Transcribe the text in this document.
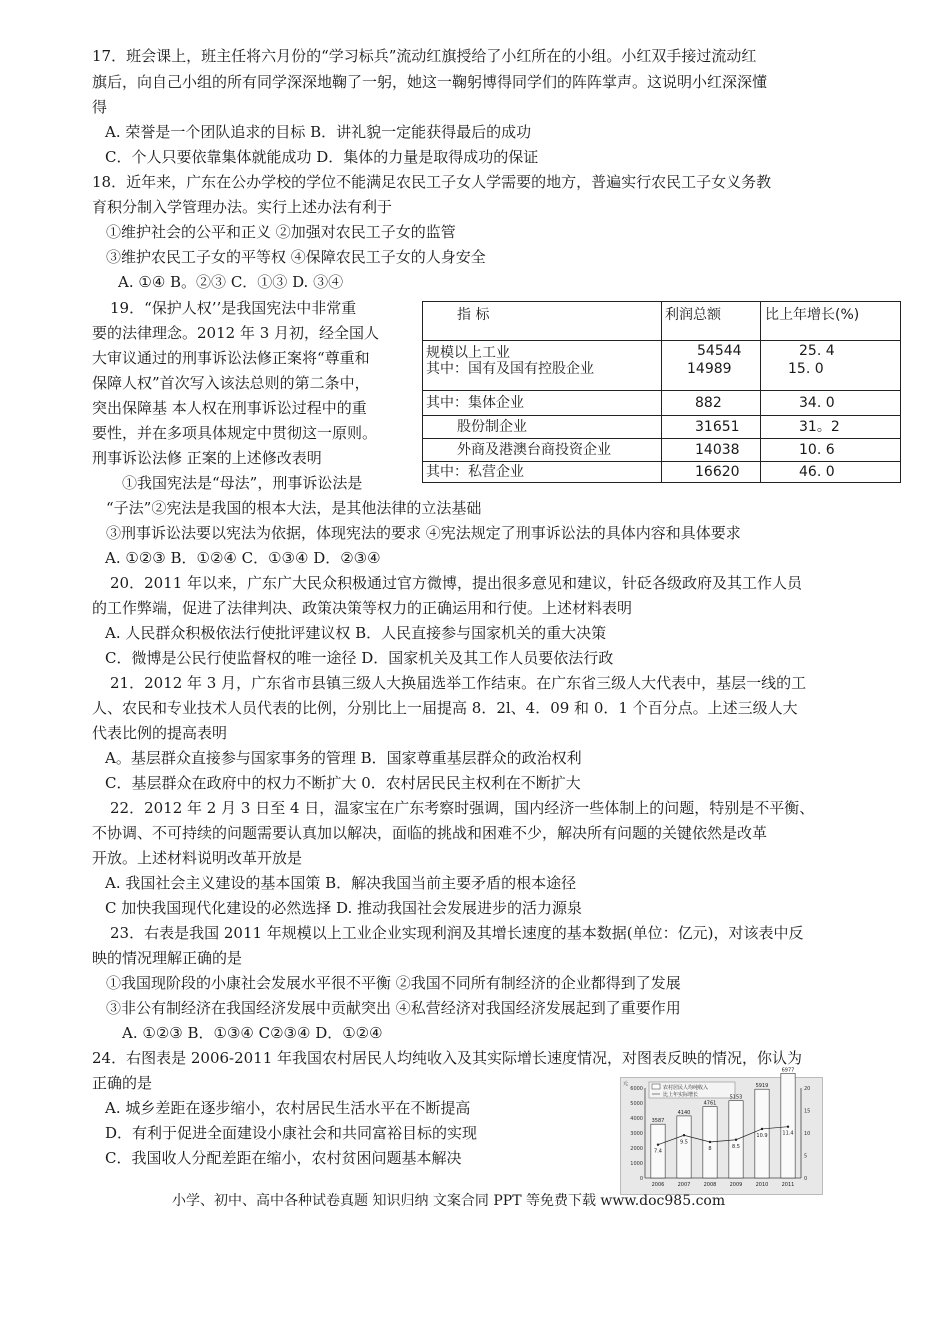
17．班会课上，班主任将六月份的“学习标兵”流动红旗授给了小红所在的小组。小红双手接过流动红
旗后，向自己小组的所有同学深深地鞠了一躬，她这一鞠躬博得同学们的阵阵掌声。这说明小红深深懂
得
A. 荣誉是一个团队追求的目标 B．讲礼貌一定能获得最后的成功
C．个人只要依靠集体就能成功 D．集体的力量是取得成功的保证
18．近年来，广东在公办学校的学位不能满足农民工子女人学需要的地方，普遍实行农民工子女义务教
育积分制入学管理办法。实行上述办法有利于
①维护社会的公平和正义 ②加强对农民工子女的监管
③维护农民工子女的平等权 ④保障农民工子女的人身安全
A. ①④ B。②③ C．①③ D. ③④
19．“保护人权’’是我国宪法中非常重
要的法律理念。2012 年 3 月初，经全国人
大审议通过的刑事诉讼法修正案将“尊重和
保障人权”首次写入该法总则的第二条中，
突出保障基 本人权在刑事诉讼过程中的重
要性，并在多项具体规定中贯彻这一原则。
刑事诉讼法修 正案的上述修改表明
①我国宪法是“母法”，刑事诉讼法是
“子法”②宪法是我国的根本大法，是其他法律的立法基础
③刑事诉讼法要以宪法为依据，体现宪法的要求 ④宪法规定了刑事诉讼法的具体内容和具体要求
A. ①②③ B．①②④ C．①③④ D．②③④
指 标	利润总额	比上年增长(%)
规模以上工业	54544	25. 4
其中：国有及国有控股企业	14989	15. 0
其中：集体企业	882	34. 0
股份制企业	31651	31。2
外商及港澳台商投资企业	14038	10. 6
其中：私营企业	16620	46. 0
20．2011 年以来，广东广大民众积极通过官方微博，提出很多意见和建议，针砭各级政府及其工作人员
的工作弊端，促进了法律判决、政策决策等权力的正确运用和行使。上述材料表明
A. 人民群众积极依法行使批评建议权 B．人民直接参与国家机关的重大决策
C．微博是公民行使监督权的唯一途径 D．国家机关及其工作人员要依法行政
21．2012 年 3 月，广东省市县镇三级人大换届选举工作结束。在广东省三级人大代表中，基层一线的工
人、农民和专业技术人员代表的比例，分别比上一届提高 8．2l、4．09 和 0．1 个百分点。上述三级人大
代表比例的提高表明
A。基层群众直接参与国家事务的管理 B．国家尊重基层群众的政治权利
C．基层群众在政府中的权力不断扩大 0．农村居民民主权利在不断扩大
22．2012 年 2 月 3 日至 4 日，温家宝在广东考察时强调，国内经济一些体制上的问题，特别是不平衡、
不协调、不可持续的问题需要认真加以解决，面临的挑战和困难不少，解决所有问题的关键依然是改革
开放。上述材料说明改革开放是
A. 我国社会主义建设的基本国策 B．解决我国当前主要矛盾的根本途径
C 加快我国现代化建设的必然选择 D. 推动我国社会发展进步的活力源泉
23．右表是我国 2011 年规模以上工业企业实现利润及其增长速度的基本数据(单位：亿元)，对该表中反
映的情况理解正确的是
①我国现阶段的小康社会发展水平很不平衡 ②我国不同所有制经济的企业都得到了发展
③非公有制经济在我国经济发展中贡献突出 ④私营经济对我国经济发展起到了重要作用
A. ①②③ B．①③④ C②③④ D．①②④
24．右图表是 2006-2011 年我国农村居民人均纯收入及其实际增长速度情况，对图表反映的情况，你认为
正确的是
A. 城乡差距在逐步缩小，农村居民生活水平在不断提高
D．有利于促进全面建设小康社会和共同富裕目标的实现
C．我国收人分配差距在缩小，农村贫困问题基本解决
元
6000
5000
4000
3000
2000
1000
0
20
15
10
5
0
农村居民人均纯收入
比上年实际增长
3587
2006
7.4
4140
2007
9.5
4761
2008
8
5153
2009
8.5
5919
2010
10.9
6977
2011
11.4
小学、初中、高中各种试卷真题 知识归纳 文案合同 PPT 等免费下载 www.doc985.com
